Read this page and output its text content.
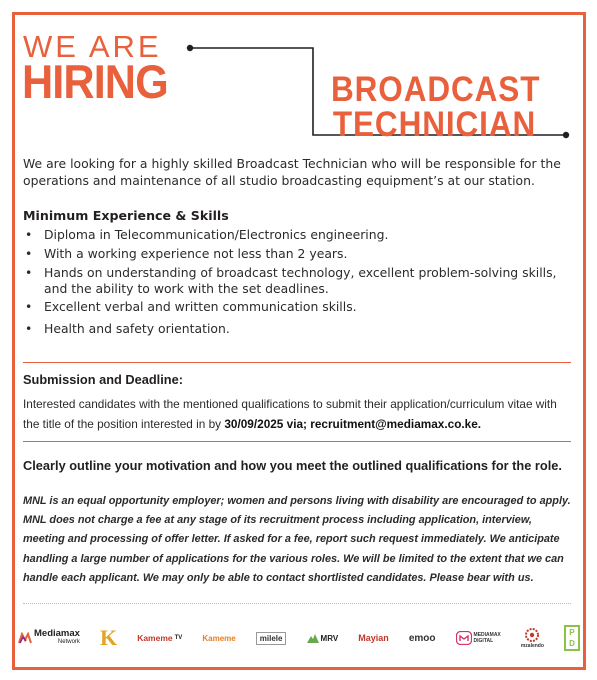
WE ARE
HIRING	BROADCAST
TECHNICIAN

We are looking for a highly skilled Broadcast Technician who will be responsible for the operations and maintenance of all studio broadcasting equipment’s at our station.

Minimum Experience & Skills
• Diploma in Telecommunication/Electronics engineering.
• With a working experience not less than 2 years.
• Hands on understanding of broadcast technology, excellent problem-solving skills, and the ability to work with the set deadlines.
• Excellent verbal and written communication skills.
• Health and safety orientation.
Submission and Deadline:

Interested candidates with the mentioned qualifications to submit their application/curriculum vitae with the title of the position interested in by 30/09/2025 via; recruitment@mediamax.co.ke.

Clearly outline your motivation and how you meet the outlined qualifications for the role.

MNL is an equal opportunity employer; women and persons living with disability are encouraged to apply. MNL does not charge a fee at any stage of its recruitment process including application, interview, meeting and processing of offer letter. If asked for a fee, report such request immediately. We anticipate handling a large number of applications for the various roles. We will be limited to the extent that we can handle each applicant. We may only be able to contact shortlisted candidates. Please bear with us.

Mediamax
Network K Kameme TV	Kameme	milele	MRV Mayian emoo	MEDIAMAX
DIGITAL
mzalendo
P
D
